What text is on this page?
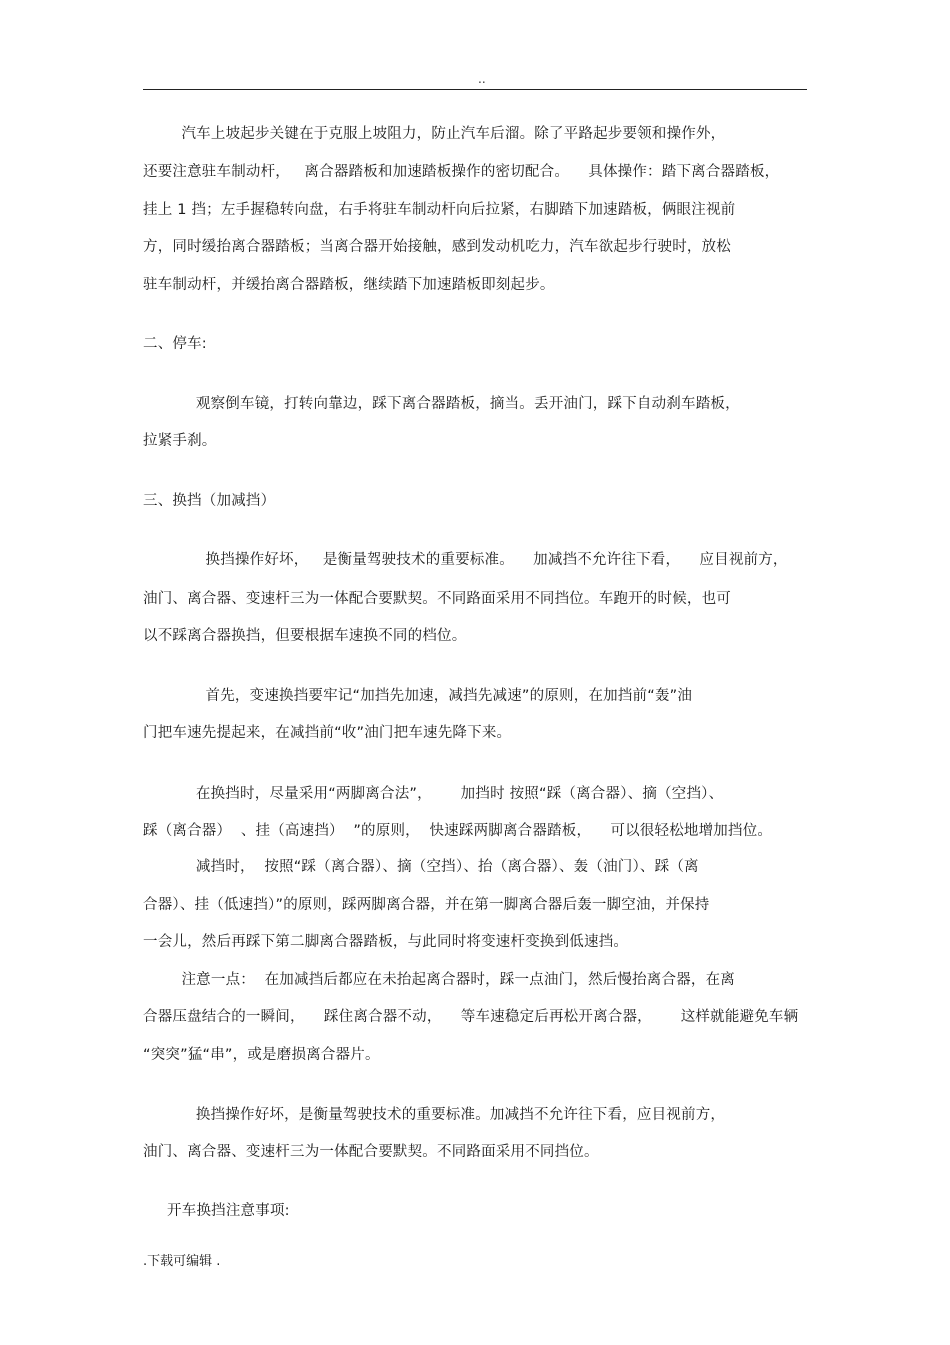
..
汽车上坡起步关键在于克服上坡阻力，防止汽车后溜。除了平路起步要领和操作外，
还要注意驻车制动杆，   离合器踏板和加速踏板操作的密切配合。    具体操作：踏下离合器踏板，
挂上 1 挡；左手握稳转向盘，右手将驻车制动杆向后拉紧，右脚踏下加速踏板，俩眼注视前
方，同时缓抬离合器踏板；当离合器开始接触，感到发动机吃力，汽车欲起步行驶时，放松
驻车制动杆，并缓抬离合器踏板，继续踏下加速踏板即刻起步。
二、停车:
观察倒车镜，打转向靠边，踩下离合器踏板，摘当。丢开油门，踩下自动刹车踏板，
拉紧手刹。
三、换挡（加减挡）
换挡操作好坏，   是衡量驾驶技术的重要标准。    加减挡不允许往下看，    应目视前方，
油门、离合器、变速杆三为一体配合要默契。不同路面采用不同挡位。车跑开的时候，也可
以不踩离合器换挡，但要根据车速换不同的档位。
首先，变速换挡要牢记“加挡先加速，减挡先减速”的原则，在加挡前“轰”油
门把车速先提起来，在减挡前“收”油门把车速先降下来。
在换挡时，尽量采用“两脚离合法”，      加挡时 按照“踩（离合器）、摘（空挡）、
踩（离合器）  、挂（高速挡）  ”的原则，  快速踩两脚离合器踏板，    可以很轻松地增加挡位。
减挡时，  按照“踩（离合器）、摘（空挡）、抬（离合器）、轰（油门）、踩（离
合器）、挂（低速挡）”的原则，踩两脚离合器，并在第一脚离合器后轰一脚空油，并保持
一会儿，然后再踩下第二脚离合器踏板，与此同时将变速杆变换到低速挡。
注意一点：  在加减挡后都应在未抬起离合器时，踩一点油门，然后慢抬离合器，在离
合器压盘结合的一瞬间，    踩住离合器不动，    等车速稳定后再松开离合器，      这样就能避免车辆
“突突”猛“串”，或是磨损离合器片。
换挡操作好坏，是衡量驾驶技术的重要标准。加减挡不允许往下看，应目视前方，
油门、离合器、变速杆三为一体配合要默契。不同路面采用不同挡位。
开车换挡注意事项:
.下载可编辑 .
